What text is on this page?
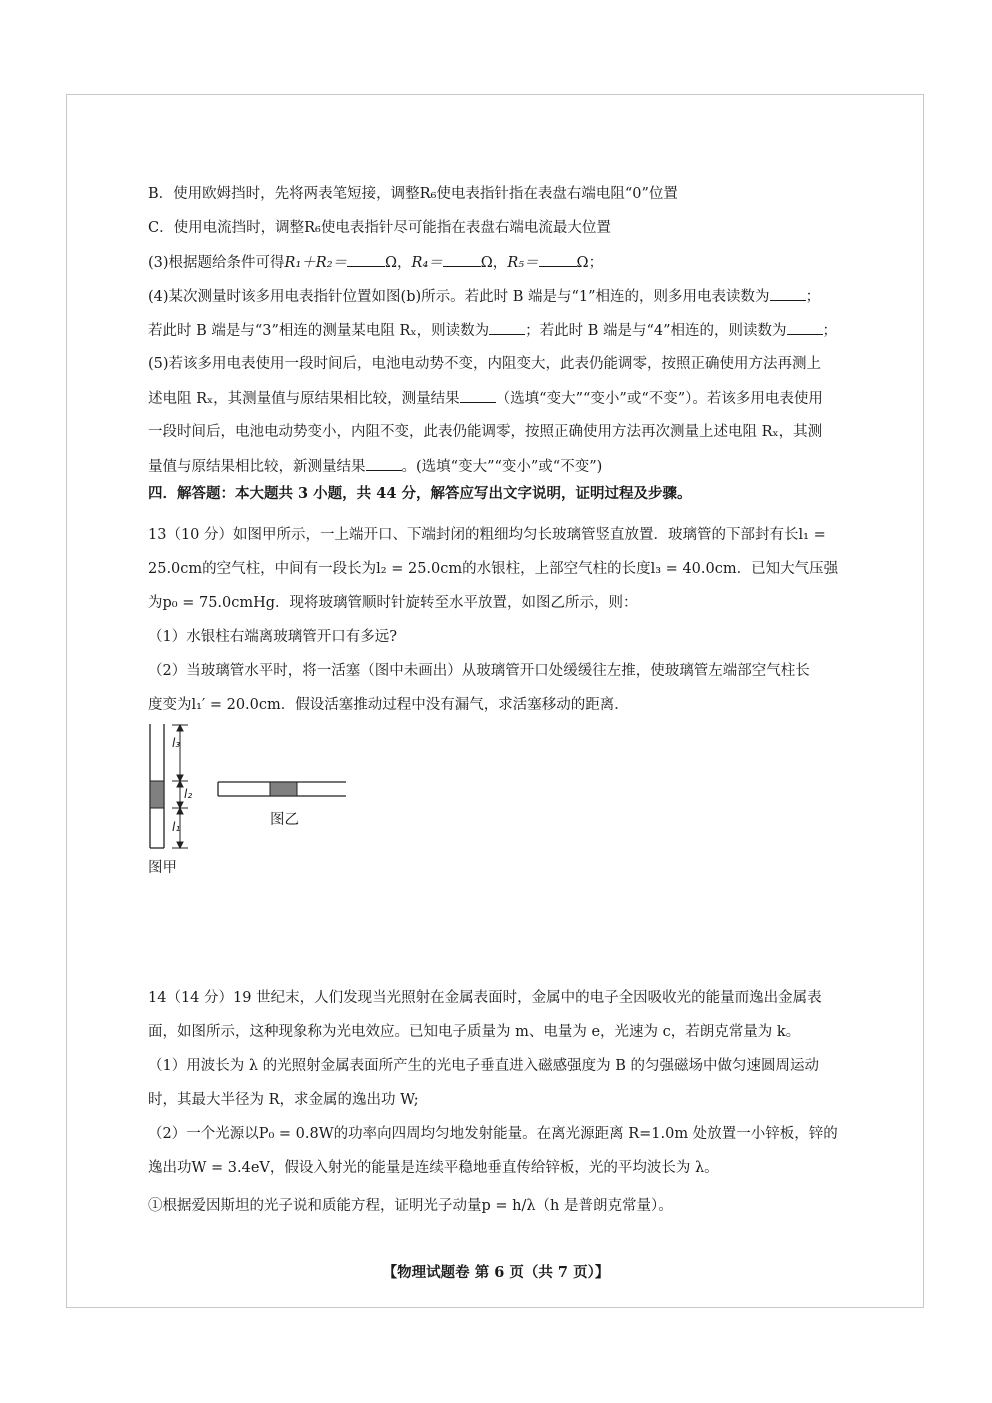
B．使用欧姆挡时，先将两表笔短接，调整R₆使电表指针指在表盘右端电阻“0”位置
C．使用电流挡时，调整R₆使电表指针尽可能指在表盘右端电流最大位置
(3)根据题给条件可得R₁＋R₂＝	Ω，R₄＝	Ω，R₅＝	Ω；
(4)某次测量时该多用电表指针位置如图(b)所示。若此时 B 端是与“1”相连的，则多用电表读数为 ；
若此时 B 端是与“3”相连的测量某电阻 Rₓ，则读数为 ；若此时 B 端是与“4”相连的，则读数为 ；
(5)若该多用电表使用一段时间后，电池电动势不变，内阻变大，此表仍能调零，按照正确使用方法再测上
述电阻 Rₓ，其测量值与原结果相比较，测量结果 （选填“变大”“变小”或“不变”）。若该多用电表使用
一段时间后，电池电动势变小，内阻不变，此表仍能调零，按照正确使用方法再次测量上述电阻 Rₓ，其测
量值与原结果相比较，新测量结果 。(选填“变大”“变小”或“不变”)
四．解答题：本大题共 3 小题，共 44 分，解答应写出文字说明，证明过程及步骤。
13（10 分）如图甲所示，一上端开口、下端封闭的粗细均匀长玻璃管竖直放置．玻璃管的下部封有长l₁ =
25.0cm的空气柱，中间有一段长为l₂ = 25.0cm的水银柱，上部空气柱的长度l₃ = 40.0cm．已知大气压强
为p₀ = 75.0cmHg．现将玻璃管顺时针旋转至水平放置，如图乙所示，则：
（1）水银柱右端离玻璃管开口有多远?
（2）当玻璃管水平时，将一活塞（图中未画出）从玻璃管开口处缓缓往左推，使玻璃管左端部空气柱长
度变为l₁′ = 20.0cm．假设活塞推动过程中没有漏气，求活塞移动的距离．
l₃
l₂
l₁
图甲
图乙
14（14 分）19 世纪末，人们发现当光照射在金属表面时，金属中的电子全因吸收光的能量而逸出金属表
面，如图所示，这种现象称为光电效应。已知电子质量为 m、电量为 e，光速为 c，若朗克常量为 k。
（1）用波长为 λ 的光照射金属表面所产生的光电子垂直进入磁感强度为 B 的匀强磁场中做匀速圆周运动
时，其最大半径为 R，求金属的逸出功 W;
（2）一个光源以P₀ = 0.8W的功率向四周均匀地发射能量。在离光源距离 R=1.0m 处放置一小锌板，锌的
逸出功W = 3.4eV，假设入射光的能量是连续平稳地垂直传给锌板，光的平均波长为 λ。
①根据爱因斯坦的光子说和质能方程，证明光子动量p = h/λ（h 是普朗克常量）。
【物理试题卷 第 6 页（共 7 页）】
